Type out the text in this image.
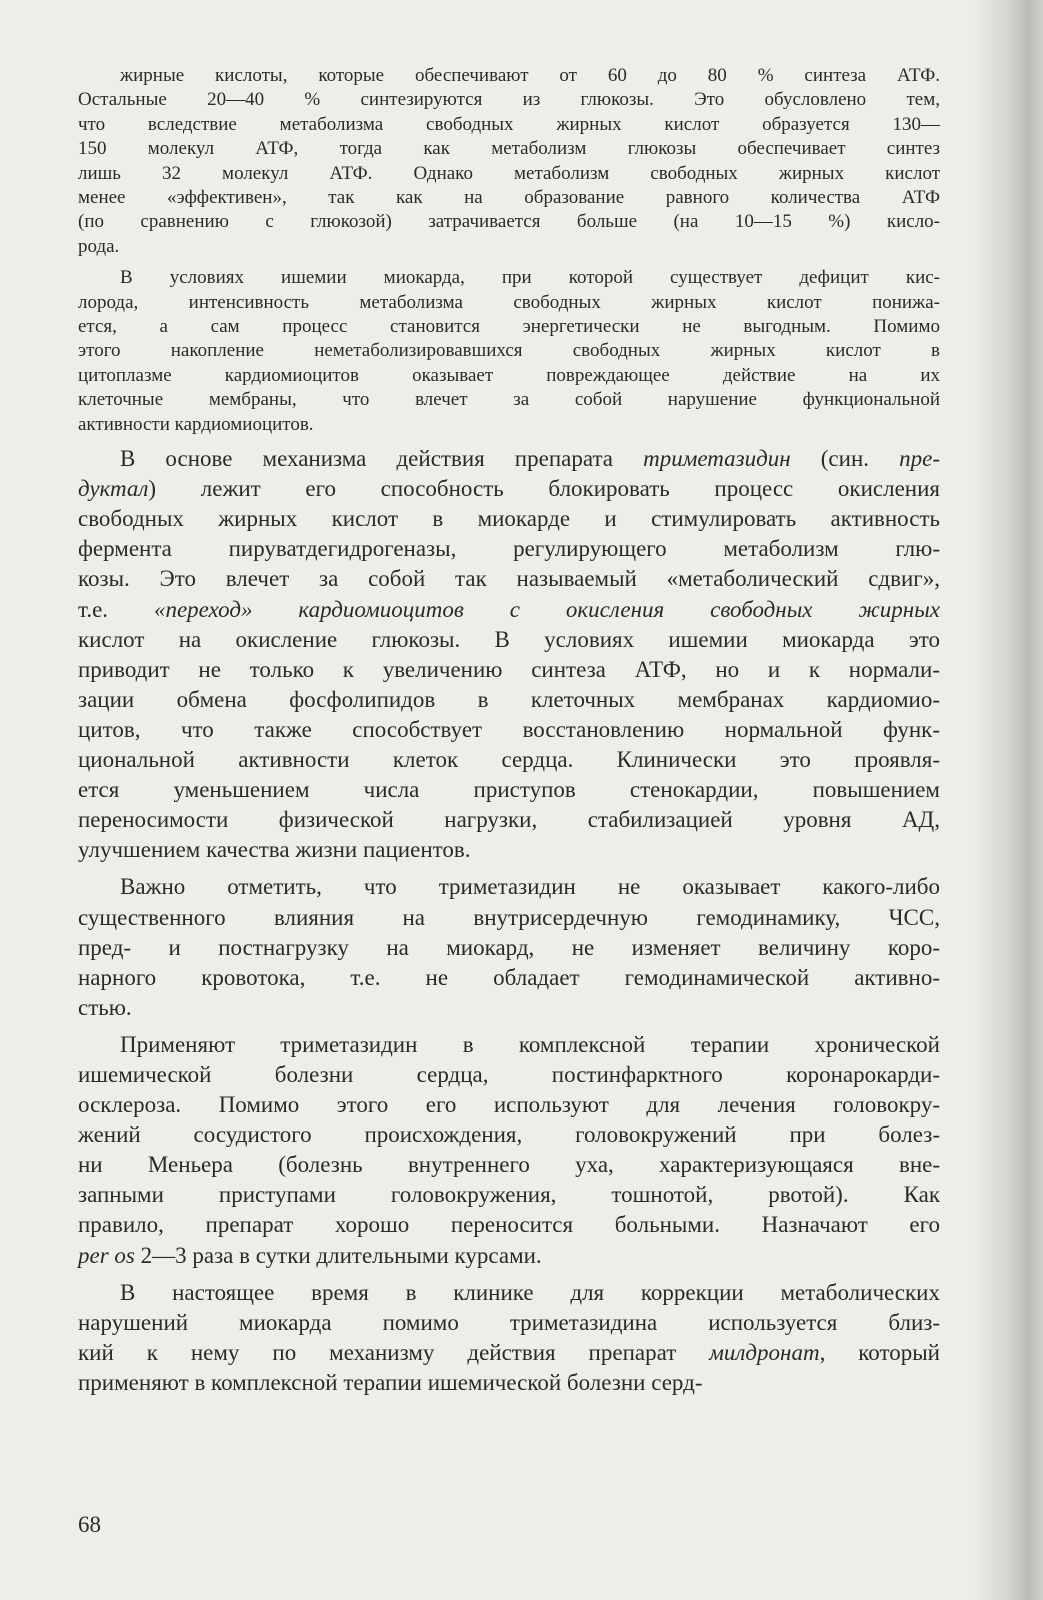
жирные кислоты, которые обеспечивают от 60 до 80 % синтеза АТФ.
Остальные 20—40 % синтезируются из глюкозы. Это обусловлено тем,
что вследствие метаболизма свободных жирных кислот образуется 130—
150 молекул АТФ, тогда как метаболизм глюкозы обеспечивает синтез
лишь 32 молекул АТФ. Однако метаболизм свободных жирных кислот
менее «эффективен», так как на образование равного количества АТФ
(по сравнению с глюкозой) затрачивается больше (на 10—15 %) кисло-
рода.

В условиях ишемии миокарда, при которой существует дефицит кис-
лорода, интенсивность метаболизма свободных жирных кислот понижа-
ется, а сам процесс становится энергетически не выгодным. Помимо
этого накопление неметаболизировавшихся свободных жирных кислот в
цитоплазме кардиомиоцитов оказывает повреждающее действие на их
клеточные мембраны, что влечет за собой нарушение функциональной
активности кардиомиоцитов.

В основе механизма действия препарата триметазидин (син. пре-
дуктал) лежит его способность блокировать процесс окисления
свободных жирных кислот в миокарде и стимулировать активность
фермента пируватдегидрогеназы, регулирующего метаболизм глю-
козы. Это влечет за собой так называемый «метаболический сдвиг»,
т.е. «переход» кардиомиоцитов с окисления свободных жирных
кислот на окисление глюкозы. В условиях ишемии миокарда это
приводит не только к увеличению синтеза АТФ, но и к нормали-
зации обмена фосфолипидов в клеточных мембранах кардиомио-
цитов, что также способствует восстановлению нормальной функ-
циональной активности клеток сердца. Клинически это проявля-
ется уменьшением числа приступов стенокардии, повышением
переносимости физической нагрузки, стабилизацией уровня АД,
улучшением качества жизни пациентов.

Важно отметить, что триметазидин не оказывает какого-либо
существенного влияния на внутрисердечную гемодинамику, ЧСС,
пред- и постнагрузку на миокард, не изменяет величину коро-
нарного кровотока, т.е. не обладает гемодинамической активно-
стью.

Применяют триметазидин в комплексной терапии хронической
ишемической болезни сердца, постинфарктного коронарокарди-
осклероза. Помимо этого его используют для лечения головокру-
жений сосудистого происхождения, головокружений при болез-
ни Меньера (болезнь внутреннего уха, характеризующаяся вне-
запными приступами головокружения, тошнотой, рвотой). Как
правило, препарат хорошо переносится больными. Назначают его
per os 2—3 раза в сутки длительными курсами.

В настоящее время в клинике для коррекции метаболических
нарушений миокарда помимо триметазидина используется близ-
кий к нему по механизму действия препарат милдронат, который
применяют в комплексной терапии ишемической болезни серд-

68
